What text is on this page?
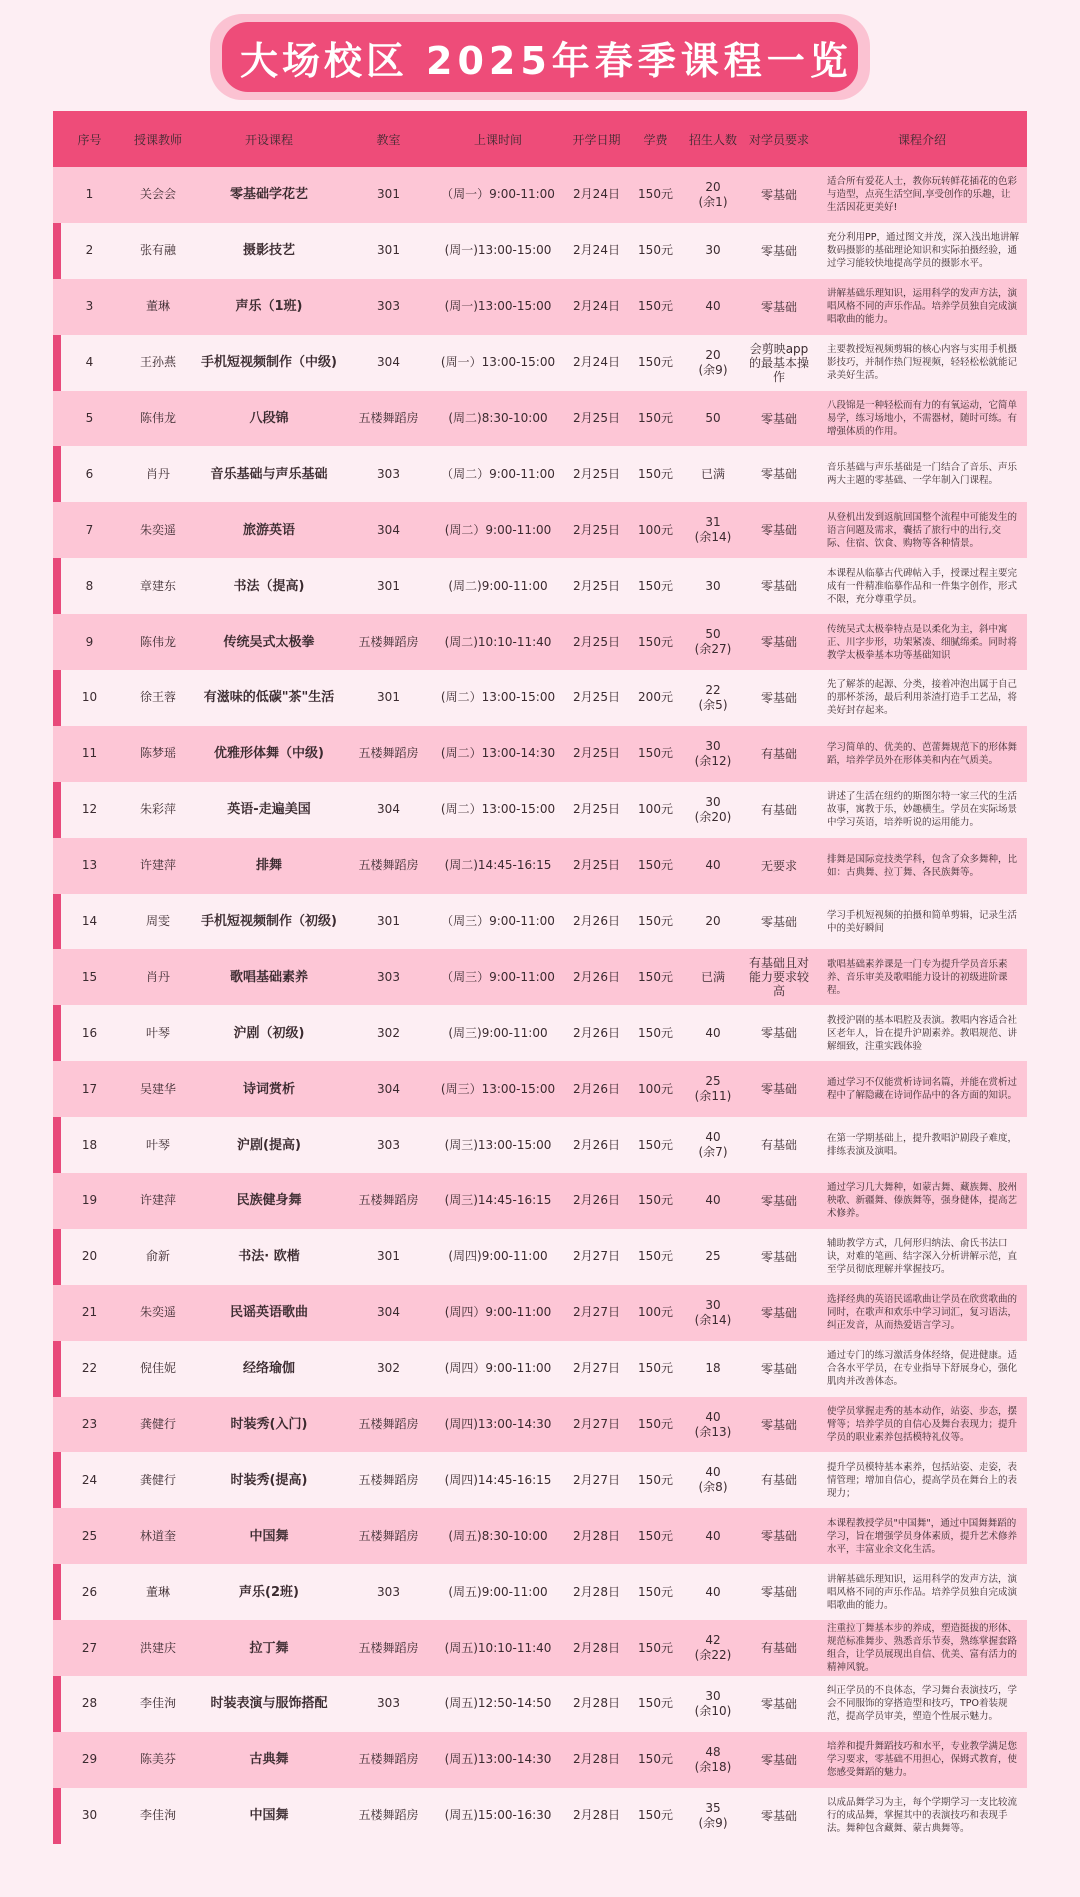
大场校区 2025年春季课程一览
序号	授课教师	开设课程	教室	上课时间	开学日期	学费	招生人数	对学员要求	课程介绍
1	关会会	零基础学花艺	301	（周一）9:00-11:00	2月24日	150元	20
(余1)	零基础	适合所有爱花人士，教你玩转鲜花插花的色彩与造型，点亮生活空间,享受创作的乐趣，让生活因花更美好!
2	张有融	摄影技艺	301	(周一)13:00-15:00	2月24日	150元	30	零基础	充分利用PP，通过图文并茂，深入浅出地讲解数码摄影的基础理论知识和实际拍摄经验，通过学习能较快地提高学员的摄影水平。
3	董琳	声乐（1班)	303	(周一)13:00-15:00	2月24日	150元	40	零基础	讲解基础乐理知识，运用科学的发声方法，演唱风格不同的声乐作品。培养学员独自完成演唱歌曲的能力。
4	王孙燕	手机短视频制作（中级)	304	(周一）13:00-15:00	2月24日	150元	20
(余9)	会剪映app的最基本操作	主要教授短视频剪辑的核心内容与实用手机摄影技巧，并制作热门短视频，轻轻松松就能记录美好生活。
5	陈伟龙	八段锦	五楼舞蹈房	(周二)8:30-10:00	2月25日	150元	50	零基础	八段锦是一种轻松而有力的有氧运动，它简单易学，练习场地小，不需器材，随时可练。有增强体质的作用。
6	肖丹	音乐基础与声乐基础	303	（周二）9:00-11:00	2月25日	150元	已满	零基础	音乐基础与声乐基础是一门结合了音乐、声乐两大主题的零基础、一学年制入门课程。
7	朱奕遥	旅游英语	304	(周二）9:00-11:00	2月25日	100元	31
(余14)	零基础	从登机出发到返航回国整个流程中可能发生的语言问题及需求，囊括了旅行中的出行,交际、住宿、饮食、购物等各种情景。
8	章建东	书法（提高)	301	(周二)9:00-11:00	2月25日	150元	30	零基础	本课程从临摹古代碑帖入手，授课过程主要完成有一件精准临摹作品和一件集字创作，形式不限，充分尊重学员。
9	陈伟龙	传统吴式太极拳	五楼舞蹈房	(周二)10:10-11:40	2月25日	150元	50
(余27)	零基础	传统吴式太极拳特点是以柔化为主，斜中寓正、川字步形，功架紧凑、细腻绵柔。同时将教学太极拳基本功等基础知识
10	徐王蓉	有滋味的低碳"茶"生活	301	(周二）13:00-15:00	2月25日	200元	22
(余5)	零基础	先了解茶的起源、分类，接着冲泡出属于自己的那杯茶汤，最后利用茶渣打造手工艺品，将美好封存起来。
11	陈梦瑶	优雅形体舞（中级)	五楼舞蹈房	(周二）13:00-14:30	2月25日	150元	30
(余12)	有基础	学习简单的、优美的、芭蕾舞规范下的形体舞蹈，培养学员外在形体美和内在气质美。
12	朱彩萍	英语-走遍美国	304	(周二）13:00-15:00	2月25日	100元	30
(余20)	有基础	讲述了生活在纽约的斯图尔特一家三代的生活故事，寓教于乐，妙趣横生。学员在实际场景中学习英语，培养听说的运用能力。
13	许建萍	排舞	五楼舞蹈房	(周二)14:45-16:15	2月25日	150元	40	无要求	排舞是国际竞技类学科，包含了众多舞种，比如：古典舞、拉丁舞、各民族舞等。
14	周雯	手机短视频制作（初级)	301	（周三）9:00-11:00	2月26日	150元	20	零基础	学习手机短视频的拍摄和简单剪辑，记录生活中的美好瞬间
15	肖丹	歌唱基础素养	303	（周三）9:00-11:00	2月26日	150元	已满	有基础且对能力要求较高	歌唱基础素养课是一门专为提升学员音乐素养、音乐审美及歌唱能力设计的初级进阶课程。
16	叶琴	沪剧（初级)	302	(周三)9:00-11:00	2月26日	150元	40	零基础	教授沪剧的基本唱腔及表演。教唱内容适合社区老年人，旨在提升沪剧素养。教唱规范、讲解细致，注重实践体验
17	吴建华	诗词赏析	304	(周三）13:00-15:00	2月26日	100元	25
(余11)	零基础	通过学习不仅能赏析诗词名篇，并能在赏析过程中了解隐藏在诗词作品中的各方面的知识。
18	叶琴	沪剧(提高)	303	(周三)13:00-15:00	2月26日	150元	40
(余7)	有基础	在第一学期基础上，提升教唱沪剧段子难度，排练表演及演唱。
19	许建萍	民族健身舞	五楼舞蹈房	(周三)14:45-16:15	2月26日	150元	40	零基础	通过学习几大舞种，如蒙古舞、藏族舞、胶州秧歌、新疆舞、傣族舞等，强身健体，提高艺术修养。
20	俞新	书法· 欧楷	301	(周四)9:00-11:00	2月27日	150元	25	零基础	辅助教学方式，几何形归纳法、俞氏书法口诀，对难的笔画、结字深入分析讲解示范，直至学员彻底理解并掌握技巧。
21	朱奕遥	民谣英语歌曲	304	(周四）9:00-11:00	2月27日	100元	30
(余14)	零基础	选择经典的英语民谣歌曲让学员在欣赏歌曲的同时，在歌声和欢乐中学习词汇，复习语法，纠正发音，从而热爱语言学习。
22	倪佳妮	经络瑜伽	302	(周四）9:00-11:00	2月27日	150元	18	零基础	通过专门的练习激活身体经络，促进健康。适合各水平学员，在专业指导下舒展身心，强化肌肉并改善体态。
23	龚健行	时装秀(入门)	五楼舞蹈房	(周四)13:00-14:30	2月27日	150元	40
(余13)	零基础	使学员掌握走秀的基本动作，站姿、步态，摆臂等；培养学员的自信心及舞台表现力；提升学员的职业素养包括模特礼仪等。
24	龚健行	时装秀(提高)	五楼舞蹈房	(周四)14:45-16:15	2月27日	150元	40
(余8)	有基础	提升学员模特基本素养，包括站姿、走姿，表情管理；增加自信心，提高学员在舞台上的表现力；
25	林道奎	中国舞	五楼舞蹈房	(周五)8:30-10:00	2月28日	150元	40	零基础	本课程教授学员"中国舞"，通过中国舞舞蹈的学习，旨在增强学员身体素质，提升艺术修养水平，丰富业余文化生活。
26	董琳	声乐(2班)	303	(周五)9:00-11:00	2月28日	150元	40	零基础	讲解基础乐理知识，运用科学的发声方法，演唱风格不同的声乐作品。培养学员独自完成演唱歌曲的能力。
27	洪建庆	拉丁舞	五楼舞蹈房	(周五)10:10-11:40	2月28日	150元	42
(余22)	有基础	注重拉丁舞基本步的养成，塑造挺拔的形体、规范标准舞步、熟悉音乐节奏，熟练掌握套路组合，让学员展现出自信、优美、富有活力的精神风貌。
28	李佳洵	时装表演与服饰搭配	303	(周五)12:50-14:50	2月28日	150元	30
(余10)	零基础	纠正学员的不良体态，学习舞台表演技巧，学会不同服饰的穿搭造型和技巧，TPO着装规范，提高学员审美，塑造个性展示魅力。
29	陈美芬	古典舞	五楼舞蹈房	(周五)13:00-14:30	2月28日	150元	48
(余18)	零基础	培养和提升舞蹈技巧和水平，专业教学满足您学习要求，零基础不用担心，保姆式教育，使您感受舞蹈的魅力。
30	李佳洵	中国舞	五楼舞蹈房	(周五)15:00-16:30	2月28日	150元	35
(余9)	零基础	以成品舞学习为主，每个学期学习一支比较流行的成品舞，掌握其中的表演技巧和表现手法。舞种包含藏舞、蒙古典舞等。
